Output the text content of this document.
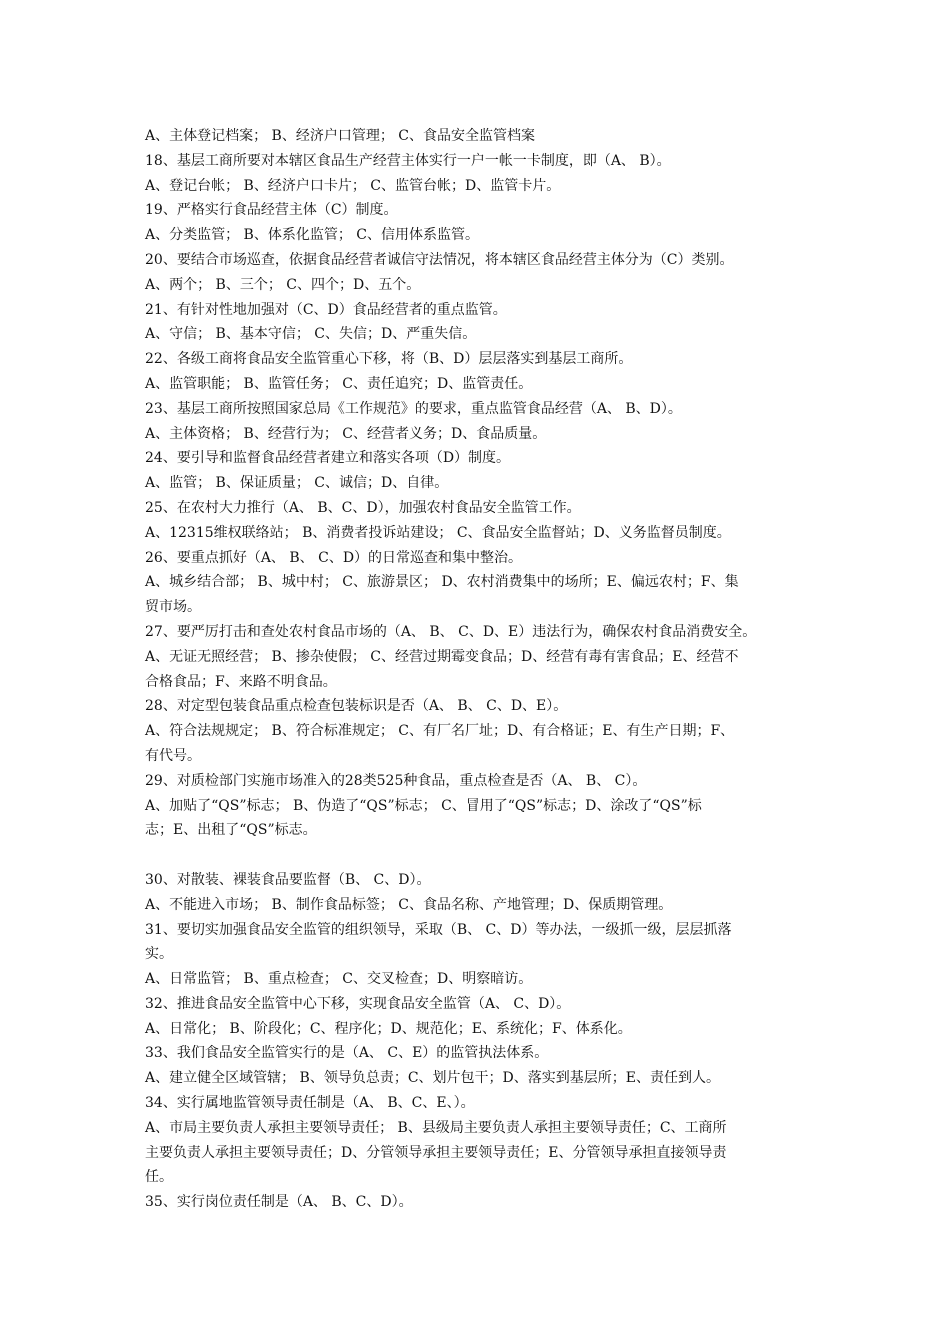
A、主体登记档案； B、经济户口管理； C、食品安全监管档案
18、基层工商所要对本辖区食品生产经营主体实行一户一帐一卡制度，即（A、 B）。
A、登记台帐； B、经济户口卡片； C、监管台帐；D、监管卡片。
19、严格实行食品经营主体（C）制度。
A、分类监管； B、体系化监管； C、信用体系监管。
20、要结合市场巡查，依据食品经营者诚信守法情况，将本辖区食品经营主体分为（C）类别。
A、两个； B、三个； C、四个；D、五个。
21、有针对性地加强对（C、D）食品经营者的重点监管。
A、守信； B、基本守信； C、失信；D、严重失信。
22、各级工商将食品安全监管重心下移，将（B、D）层层落实到基层工商所。
A、监管职能； B、监管任务； C、责任追究；D、监管责任。
23、基层工商所按照国家总局《工作规范》的要求，重点监管食品经营（A、 B、D）。
A、主体资格； B、经营行为； C、经营者义务；D、食品质量。
24、要引导和监督食品经营者建立和落实各项（D）制度。
A、监管； B、保证质量； C、诚信；D、自律。
25、在农村大力推行（A、 B、C、D），加强农村食品安全监管工作。
A、12315维权联络站； B、消费者投诉站建设； C、食品安全监督站；D、义务监督员制度。
26、要重点抓好（A、 B、 C、D）的日常巡查和集中整治。
A、城乡结合部； B、城中村； C、旅游景区； D、农村消费集中的场所；E、偏远农村；F、集
贸市场。
27、要严厉打击和查处农村食品市场的（A、 B、 C、D、E）违法行为，确保农村食品消费安全。
A、无证无照经营； B、掺杂使假； C、经营过期霉变食品；D、经营有毒有害食品；E、经营不
合格食品；F、来路不明食品。
28、对定型包装食品重点检查包装标识是否（A、 B、 C、D、E）。
A、符合法规规定； B、符合标准规定； C、有厂名厂址；D、有合格证；E、有生产日期；F、
有代号。
29、对质检部门实施市场准入的28类525种食品，重点检查是否（A、 B、 C）。
A、加贴了“QS”标志； B、伪造了“QS”标志； C、冒用了“QS”标志；D、涂改了“QS”标
志；E、出租了“QS”标志。
30、对散装、裸装食品要监督（B、 C、D）。
A、不能进入市场； B、制作食品标签； C、食品名称、产地管理；D、保质期管理。
31、要切实加强食品安全监管的组织领导，采取（B、 C、D）等办法，一级抓一级，层层抓落
实。
A、日常监管； B、重点检查； C、交叉检查；D、明察暗访。
32、推进食品安全监管中心下移，实现食品安全监管（A、 C、D）。
A、日常化； B、阶段化；C、程序化；D、规范化；E、系统化；F、体系化。
33、我们食品安全监管实行的是（A、 C、E）的监管执法体系。
A、建立健全区域管辖； B、领导负总责；C、划片包干；D、落实到基层所；E、责任到人。
34、实行属地监管领导责任制是（A、 B、C、E、）。
A、市局主要负责人承担主要领导责任； B、县级局主要负责人承担主要领导责任；C、工商所
主要负责人承担主要领导责任；D、分管领导承担主要领导责任；E、分管领导承担直接领导责
任。
35、实行岗位责任制是（A、 B、C、D）。
